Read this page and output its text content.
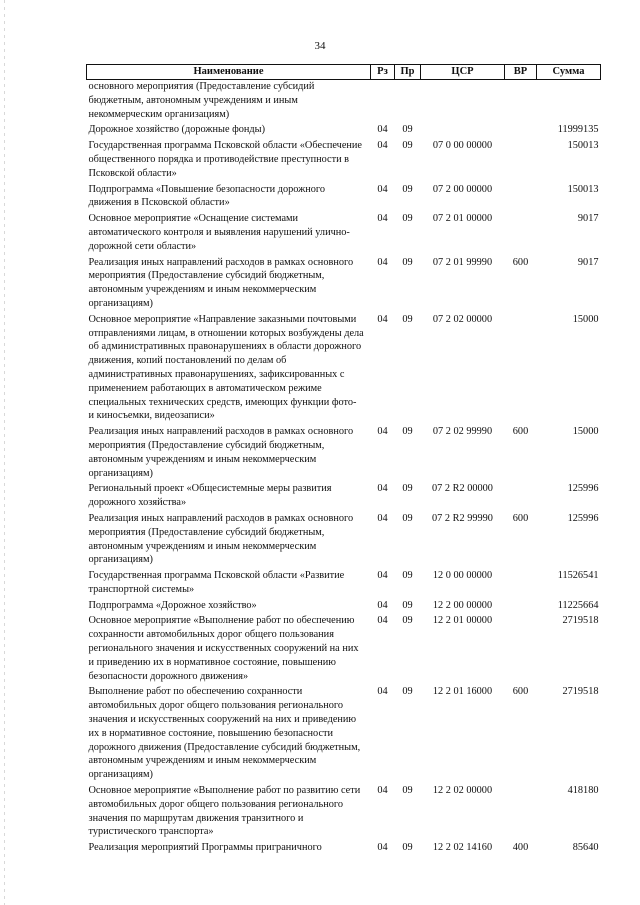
34
Наименование	Рз	Пр	ЦСР	ВР	Сумма
основного мероприятия (Предоставление субсидий бюджетным, автономным учреждениям и иным некоммерческим организациям)					
Дорожное хозяйство (дорожные фонды)	04	09			11999135
Государственная программа Псковской области «Обеспечение общественного порядка и противодействие преступности в Псковской области»	04	09	07 0 00 00000		150013
Подпрограмма «Повышение безопасности дорожного движения в Псковской области»	04	09	07 2 00 00000		150013
Основное мероприятие «Оснащение системами автоматического контроля и выявления нарушений улично-дорожной сети области»	04	09	07 2 01 00000		9017
Реализация иных направлений расходов в рамках основного мероприятия (Предоставление субсидий бюджетным, автономным учреждениям и иным некоммерческим организациям)	04	09	07 2 01 99990	600	9017
Основное мероприятие «Направление заказными почтовыми отправлениями лицам, в отношении которых возбуждены дела об административных правонарушениях в области дорожного движения, копий постановлений по делам об административных правонарушениях, зафиксированных с применением работающих в автоматическом режиме специальных технических средств, имеющих функции фото- и киносъемки, видеозаписи»	04	09	07 2 02 00000		15000
Реализация иных направлений расходов в рамках основного мероприятия (Предоставление субсидий бюджетным, автономным учреждениям и иным некоммерческим организациям)	04	09	07 2 02 99990	600	15000
Региональный проект «Общесистемные меры развития дорожного хозяйства»	04	09	07 2 R2 00000		125996
Реализация иных направлений расходов в рамках основного мероприятия (Предоставление субсидий бюджетным, автономным учреждениям и иным некоммерческим организациям)	04	09	07 2 R2 99990	600	125996
Государственная программа Псковской области «Развитие транспортной системы»	04	09	12 0 00 00000		11526541
Подпрограмма «Дорожное хозяйство»	04	09	12 2 00 00000		11225664
Основное мероприятие «Выполнение работ по обеспечению сохранности автомобильных дорог общего пользования регионального значения и искусственных сооружений на них и приведению их в нормативное состояние, повышению безопасности дорожного движения»	04	09	12 2 01 00000		2719518
Выполнение работ по обеспечению сохранности автомобильных дорог общего пользования регионального значения и искусственных сооружений на них и приведению их в нормативное состояние, повышению безопасности дорожного движения (Предоставление субсидий бюджетным, автономным учреждениям и иным некоммерческим организациям)	04	09	12 2 01 16000	600	2719518
Основное мероприятие «Выполнение работ по развитию сети автомобильных дорог общего пользования регионального значения по маршрутам движения транзитного и туристического транспорта»	04	09	12 2 02 00000		418180
Реализация мероприятий Программы приграничного	04	09	12 2 02 14160	400	85640
